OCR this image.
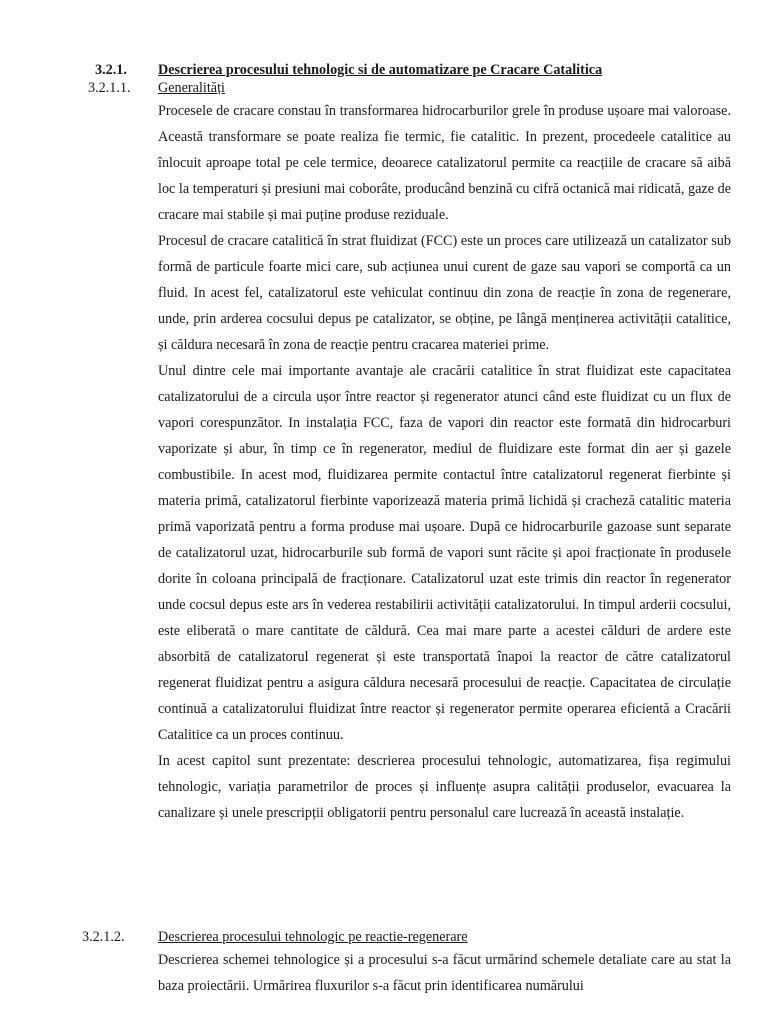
3.2.1. Descrierea procesului tehnologic si de automatizare pe Cracare Catalitica
3.2.1.1. Generalități

Procesele de cracare constau în transformarea hidrocarburilor grele în produse ușoare mai valoroase. Această transformare se poate realiza fie termic, fie catalitic. In prezent, procedeele catalitice au înlocuit aproape total pe cele termice, deoarece catalizatorul permite ca reacțiile de cracare să aibă loc la temperaturi și presiuni mai coborâte, producând benzină cu cifră octanică mai ridicată, gaze de cracare mai stabile și mai puține produse reziduale.

Procesul de cracare catalitică în strat fluidizat (FCC) este un proces care utilizează un catalizator sub formă de particule foarte mici care, sub acțiunea unui curent de gaze sau vapori se comportă ca un fluid. In acest fel, catalizatorul este vehiculat continuu din zona de reacție în zona de regenerare, unde, prin arderea cocsului depus pe catalizator, se obține, pe lângă menținerea activității catalitice, și căldura necesară în zona de reacție pentru cracarea materiei prime.

Unul dintre cele mai importante avantaje ale cracării catalitice în strat fluidizat este capacitatea catalizatorului de a circula ușor între reactor și regenerator atunci când este fluidizat cu un flux de vapori corespunzător. In instalația FCC, faza de vapori din reactor este formată din hidrocarburi vaporizate și abur, în timp ce în regenerator, mediul de fluidizare este format din aer și gazele combustibile. In acest mod, fluidizarea permite contactul între catalizatorul regenerat fierbinte și materia primă, catalizatorul fierbinte vaporizează materia primă lichidă și cracheză catalitic materia primă vaporizată pentru a forma produse mai ușoare. După ce hidrocarburile gazoase sunt separate de catalizatorul uzat, hidrocarburile sub formă de vapori sunt răcite și apoi fracționate în produsele dorite în coloana principală de fracționare. Catalizatorul uzat este trimis din reactor în regenerator unde cocsul depus este ars în vederea restabilirii activității catalizatorului. In timpul arderii cocsului, este eliberată o mare cantitate de căldură. Cea mai mare parte a acestei călduri de ardere este absorbită de catalizatorul regenerat și este transportată înapoi la reactor de către catalizatorul regenerat fluidizat pentru a asigura căldura necesară procesului de reacție. Capacitatea de circulație continuă a catalizatorului fluidizat între reactor și regenerator permite operarea eficientă a Cracării Catalitice ca un proces continuu.

In acest capitol sunt prezentate: descrierea procesului tehnologic, automatizarea, fișa regimului tehnologic, variația parametrilor de proces și influențe asupra calității produselor, evacuarea la canalizare și unele prescripții obligatorii pentru personalul care lucrează în această instalație.

3.2.1.2. Descrierea procesului tehnologic pe reactie-regenerare

Descrierea schemei tehnologice și a procesului s-a făcut urmărind schemele detaliate care au stat la baza proiectării. Urmărirea fluxurilor s-a făcut prin identificarea numărului
